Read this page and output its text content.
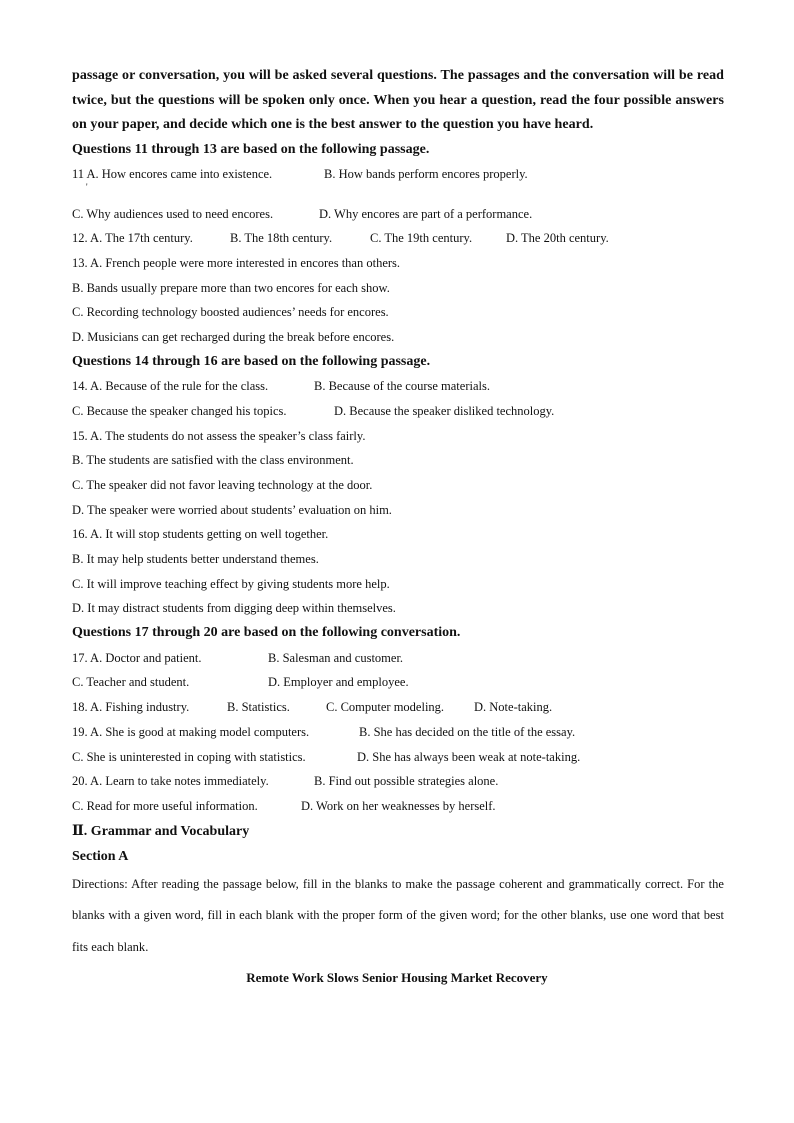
passage or conversation, you will be asked several questions. The passages and the conversation will be read twice, but the questions will be spoken only once. When you hear a question, read the four possible answers on your paper, and decide which one is the best answer to the question you have heard.

Questions 11 through 13 are based on the following passage.

11 A. How encores came into existence.	B. How bands perform encores properly.
'
C. Why audiences used to need encores.	D. Why encores are part of a performance.
12. A. The 17th century.	B. The 18th century.	C. The 19th century.	D. The 20th century.
13. A. French people were more interested in encores than others.
B. Bands usually prepare more than two encores for each show.
C. Recording technology boosted audiences’ needs for encores.
D. Musicians can get recharged during the break before encores.

Questions 14 through 16 are based on the following passage.

14. A. Because of the rule for the class.	B. Because of the course materials.
C. Because the speaker changed his topics.	D. Because the speaker disliked technology.
15. A. The students do not assess the speaker’s class fairly.
B. The students are satisfied with the class environment.
C. The speaker did not favor leaving technology at the door.
D. The speaker were worried about students’ evaluation on him.
16. A. It will stop students getting on well together.
B. It may help students better understand themes.
C. It will improve teaching effect by giving students more help.
D. It may distract students from digging deep within themselves.

Questions 17 through 20 are based on the following conversation.

17. A. Doctor and patient.	B. Salesman and customer.
C. Teacher and student.	D. Employer and employee.
18. A. Fishing industry.	B. Statistics.	C. Computer modeling. D. Note-taking.
19. A. She is good at making model computers.	B. She has decided on the title of the essay.
C. She is uninterested in coping with statistics.	D. She has always been weak at note-taking.
20. A. Learn to take notes immediately.	B. Find out possible strategies alone.
C. Read for more useful information.	D. Work on her weaknesses by herself.

Ⅱ. Grammar and Vocabulary

Section A

Directions: After reading the passage below, fill in the blanks to make the passage coherent and grammatically correct. For the blanks with a given word, fill in each blank with the proper form of the given word; for the other blanks, use one word that best fits each blank.

Remote Work Slows Senior Housing Market Recovery
